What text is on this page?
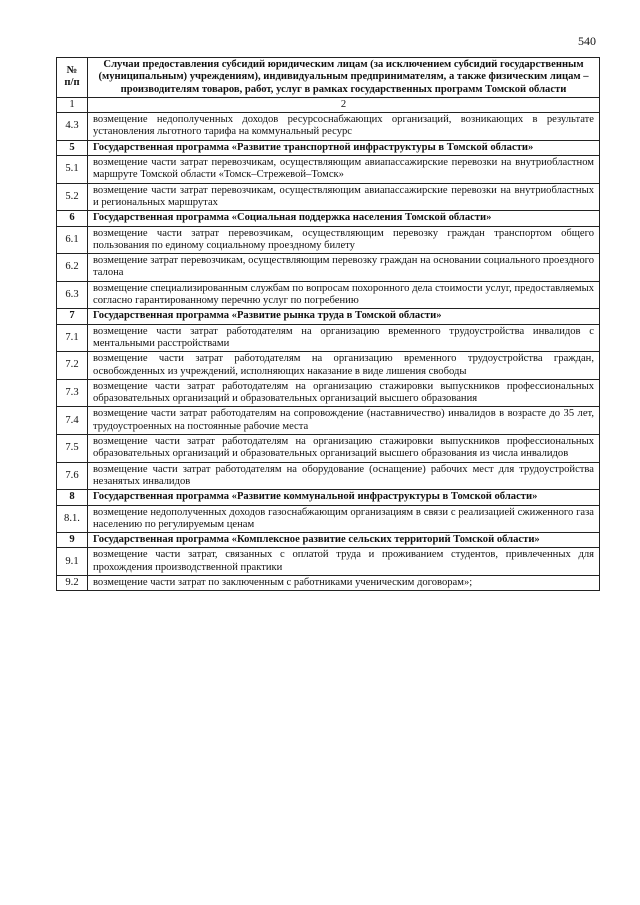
540
№
п/п	Случаи предоставления субсидий юридическим лицам (за исключением субсидий государственным (муниципальным) учреждениям), индивидуальным предпринимателям, а также физическим лицам – производителям товаров, работ, услуг в рамках государственных программ Томской области
1	2
4.3	возмещение недополученных доходов ресурсоснабжающих организаций, возникающих в результате установления льготного тарифа на коммунальный ресурс
5	Государственная программа «Развитие транспортной инфраструктуры в Томской области»
5.1	возмещение части затрат перевозчикам, осуществляющим авиапассажирские перевозки на внутриобластном маршруте Томской области «Томск–Стрежевой–Томск»
5.2	возмещение части затрат перевозчикам, осуществляющим авиапассажирские перевозки на внутриобластных и региональных маршрутах
6	Государственная программа «Социальная поддержка населения Томской области»
6.1	возмещение части затрат перевозчикам, осуществляющим перевозку граждан транспортом общего пользования по единому социальному проездному билету
6.2	возмещение затрат перевозчикам, осуществляющим перевозку граждан на основании социального проездного талона
6.3	возмещение специализированным службам по вопросам похоронного дела стоимости услуг, предоставляемых согласно гарантированному перечню услуг по погребению
7	Государственная программа «Развитие рынка труда в Томской области»
7.1	возмещение части затрат работодателям на организацию временного трудоустройства инвалидов с ментальными расстройствами
7.2	возмещение части затрат работодателям на организацию временного трудоустройства граждан, освобожденных из учреждений, исполняющих наказание в виде лишения свободы
7.3	возмещение части затрат работодателям на организацию стажировки выпускников профессиональных образовательных организаций и образовательных организаций высшего образования
7.4	возмещение части затрат работодателям на сопровождение (наставничество) инвалидов в возрасте до 35 лет, трудоустроенных на постоянные рабочие места
7.5	возмещение части затрат работодателям на организацию стажировки выпускников профессиональных образовательных организаций и образовательных организаций высшего образования из числа инвалидов
7.6	возмещение части затрат работодателям на оборудование (оснащение) рабочих мест для трудоустройства незанятых инвалидов
8	Государственная программа «Развитие коммунальной инфраструктуры в Томской области»
8.1.	возмещение недополученных доходов газоснабжающим организациям в связи с реализацией сжиженного газа населению по регулируемым ценам
9	Государственная программа «Комплексное развитие сельских территорий Томской области»
9.1	возмещение части затрат, связанных с оплатой труда и проживанием студентов, привлеченных для прохождения производственной практики
9.2	возмещение части затрат по заключенным с работниками ученическим договорам»;
